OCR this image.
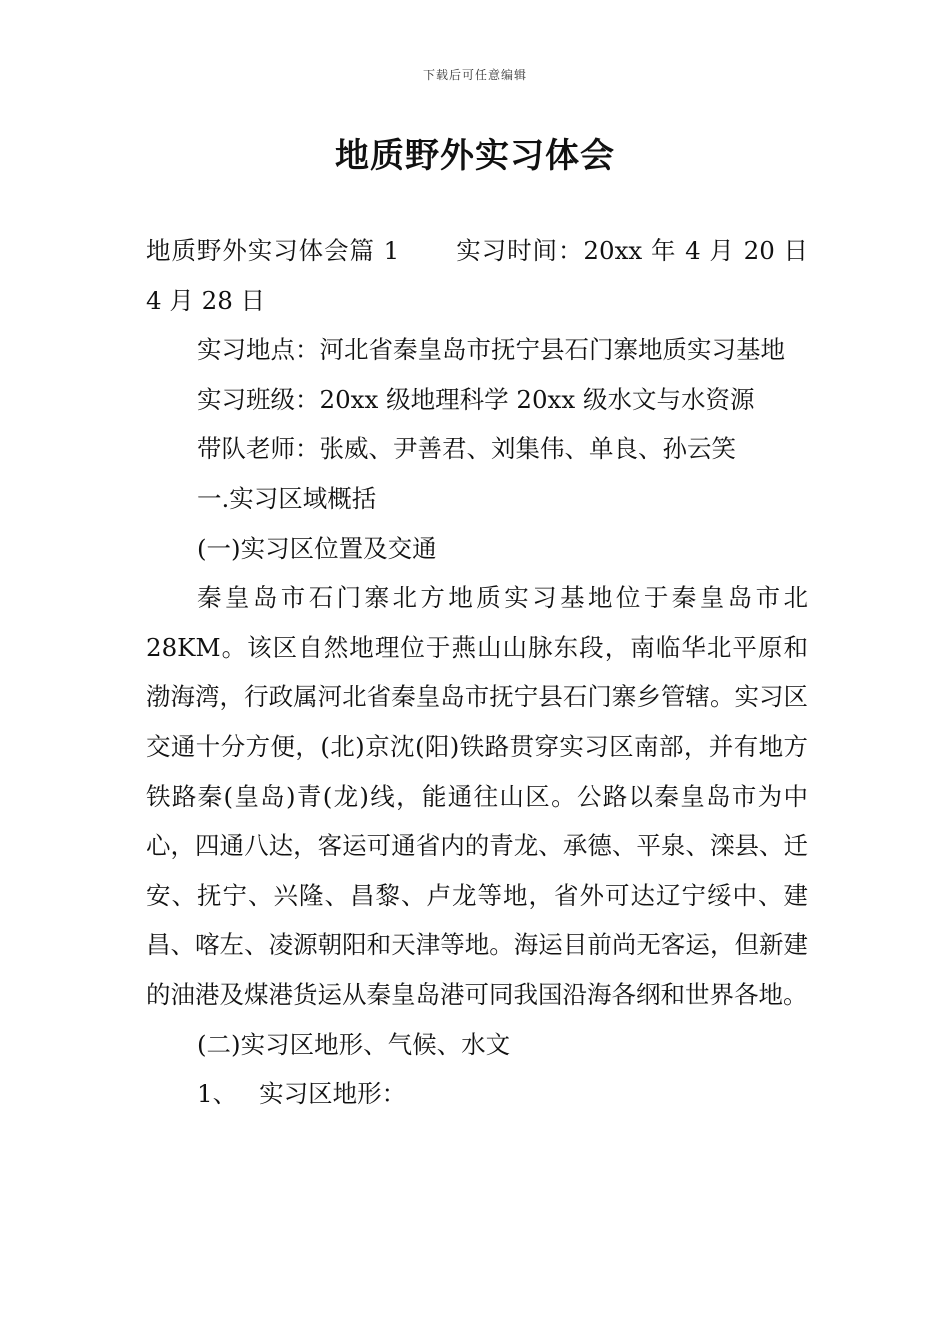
下载后可任意编辑
地质野外实习体会

地质野外实习体会篇 1 实习时间：20xx 年 4 月 20 日 4 月 28 日

实习地点：河北省秦皇岛市抚宁县石门寨地质实习基地

实习班级：20xx 级地理科学 20xx 级水文与水资源

带队老师：张威、尹善君、刘集伟、单良、孙云笑

一.实习区域概括

(一)实习区位置及交通

秦皇岛市石门寨北方地质实习基地位于秦皇岛市北 28KM。该区自然地理位于燕山山脉东段，南临华北平原和渤海湾，行政属河北省秦皇岛市抚宁县石门寨乡管辖。实习区交通十分方便，(北)京沈(阳)铁路贯穿实习区南部，并有地方铁路秦(皇岛)青(龙)线，能通往山区。公路以秦皇岛市为中心，四通八达，客运可通省内的青龙、承德、平泉、滦县、迁安、抚宁、兴隆、昌黎、卢龙等地，省外可达辽宁绥中、建昌、喀左、凌源朝阳和天津等地。海运目前尚无客运，但新建的油港及煤港货运从秦皇岛港可同我国沿海各纲和世界各地。

(二)实习区地形、气候、水文

1、 实习区地形：
